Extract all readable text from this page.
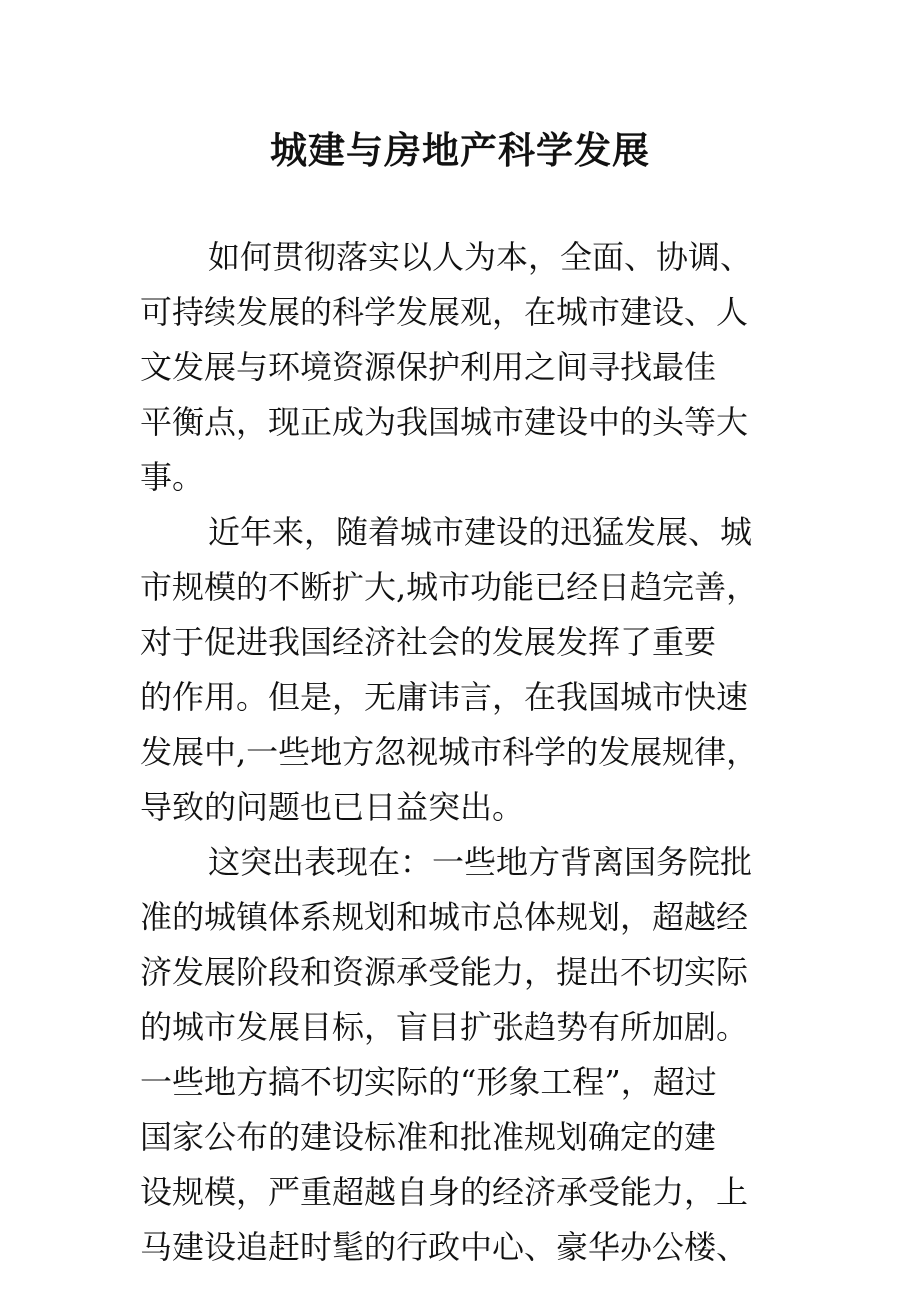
城建与房地产科学发展
如何贯彻落实以人为本，全面、协调、
可持续发展的科学发展观，在城市建设、人
文发展与环境资源保护利用之间寻找最佳
平衡点，现正成为我国城市建设中的头等大
事。
近年来，随着城市建设的迅猛发展、城
市规模的不断扩大,城市功能已经日趋完善，
对于促进我国经济社会的发展发挥了重要
的作用。但是，无庸讳言，在我国城市快速
发展中,一些地方忽视城市科学的发展规律，
导致的问题也已日益突出。
这突出表现在：一些地方背离国务院批
准的城镇体系规划和城市总体规划，超越经
济发展阶段和资源承受能力，提出不切实际
的城市发展目标，盲目扩张趋势有所加剧。
一些地方搞不切实际的“形象工程”，超过
国家公布的建设标准和批准规划确定的建
设规模，严重超越自身的经济承受能力，上
马建设追赶时髦的行政中心、豪华办公楼、
